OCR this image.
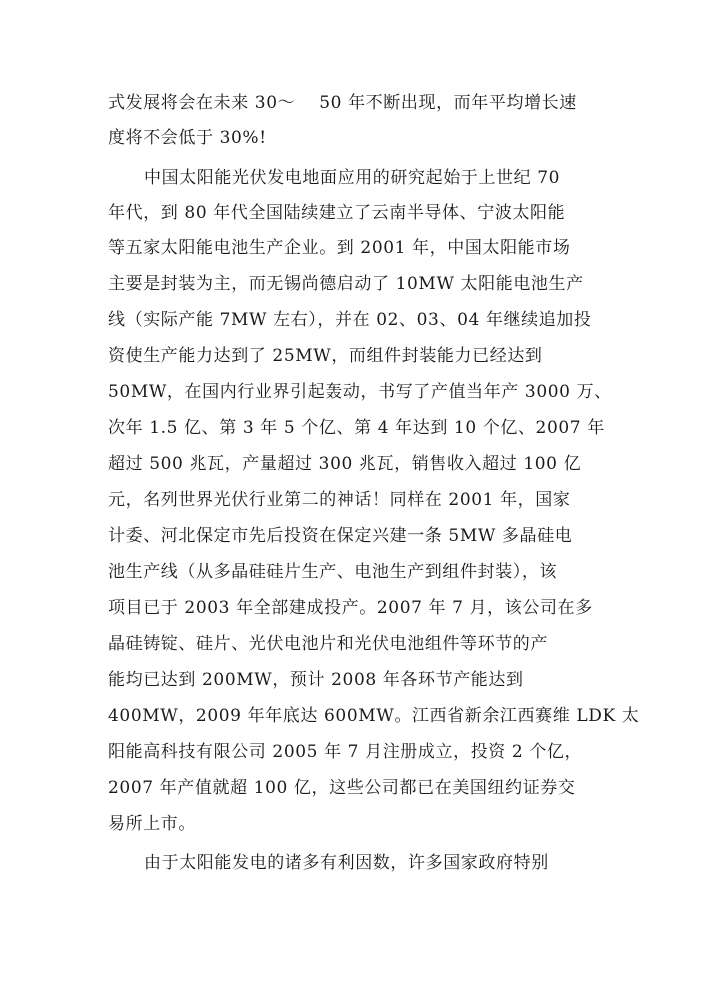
式发展将会在未来 30～    50 年不断出现，而年平均增长速
度将不会低于 30%!
中国太阳能光伏发电地面应用的研究起始于上世纪 70
年代，到 80 年代全国陆续建立了云南半导体、宁波太阳能
等五家太阳能电池生产企业。到 2001 年，中国太阳能市场
主要是封装为主，而无锡尚德启动了 10MW 太阳能电池生产
线（实际产能 7MW 左右），并在 02、03、04 年继续追加投
资使生产能力达到了 25MW，而组件封装能力已经达到
50MW，在国内行业界引起轰动，书写了产值当年产 3000 万、
次年 1.5 亿、第 3 年 5 个亿、第 4 年达到 10 个亿、2007 年
超过 500 兆瓦，产量超过 300 兆瓦，销售收入超过 100 亿
元，名列世界光伏行业第二的神话！同样在 2001 年，国家
计委、河北保定市先后投资在保定兴建一条 5MW 多晶硅电
池生产线（从多晶硅硅片生产、电池生产到组件封装），该
项目已于 2003 年全部建成投产。2007 年 7 月，该公司在多
晶硅铸锭、硅片、光伏电池片和光伏电池组件等环节的产
能均已达到 200MW，预计 2008 年各环节产能达到
400MW，2009 年年底达 600MW。江西省新余江西赛维 LDK 太
阳能高科技有限公司 2005 年 7 月注册成立，投资 2 个亿，
2007 年产值就超 100 亿，这些公司都已在美国纽约证券交
易所上市。
由于太阳能发电的诸多有利因数，许多国家政府特别
